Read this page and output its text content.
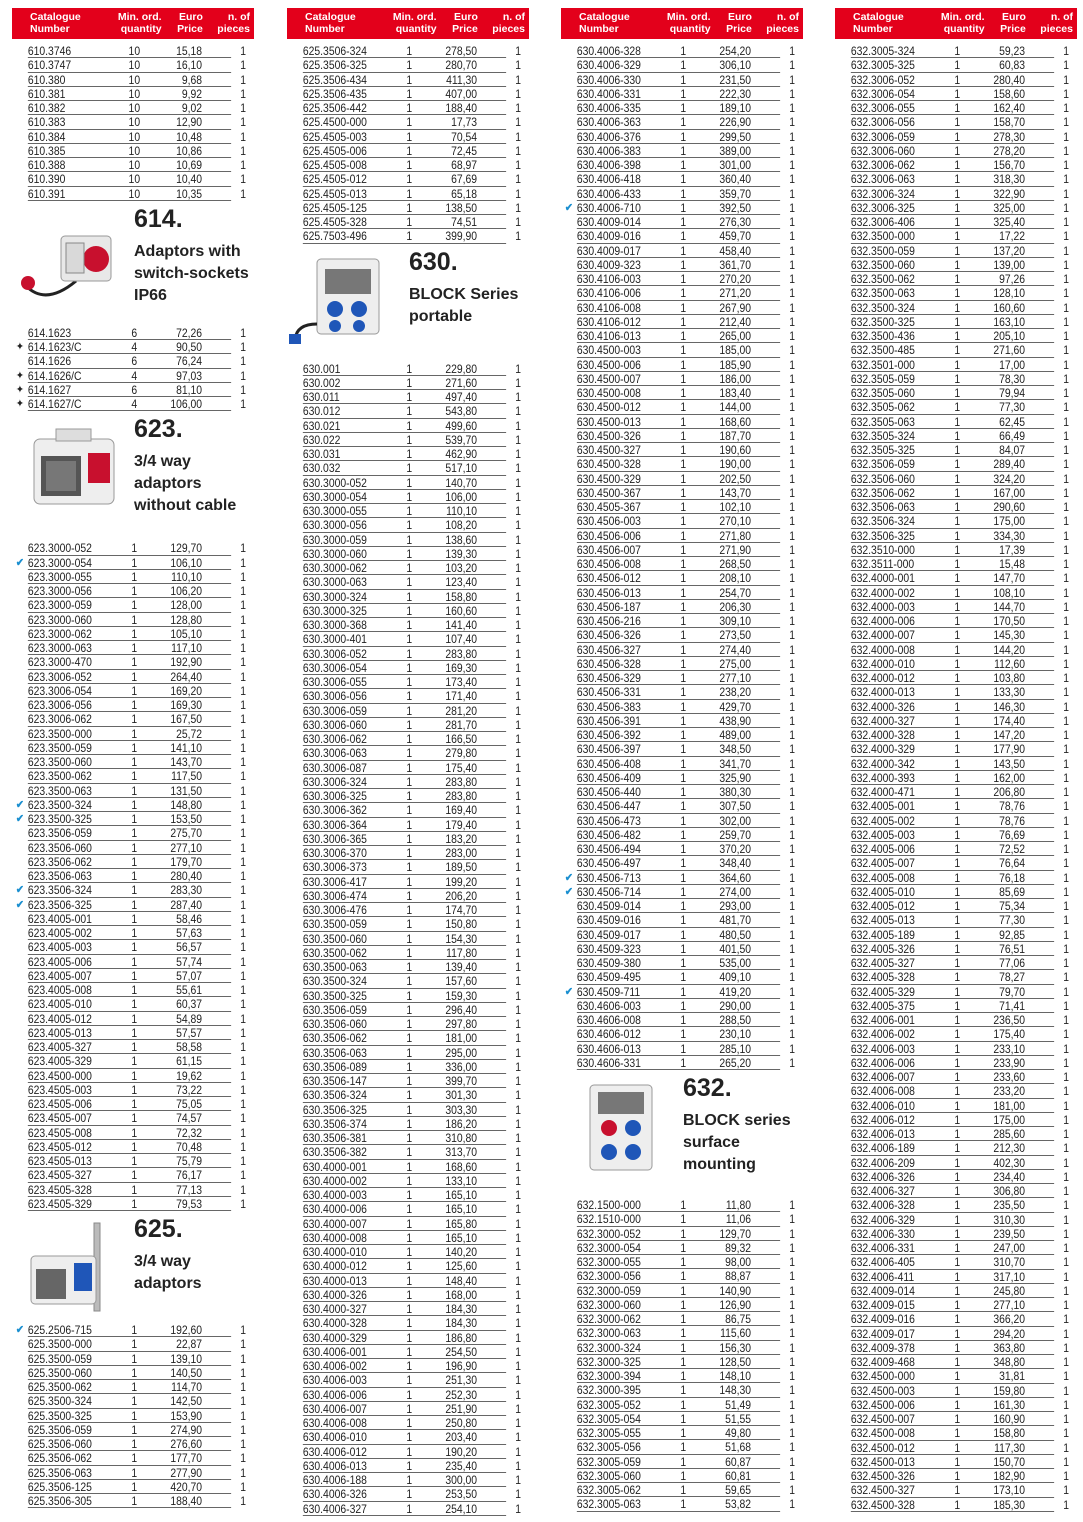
Catalogue
Number
Min. ord.
quantity
Euro
Price
n. of
pieces
610.3746	10	15,18	1
610.3747	10	16,10	1
610.380	10	9,68	1
610.381	10	9,92	1
610.382	10	9,02	1
610.383	10	12,90	1
610.384	10	10,48	1
610.385	10	10,86	1
610.388	10	10,69	1
610.390	10	10,40	1
610.391	10	10,35	1
614.
Adaptors with
switch-sockets
IP66
614.1623	6	72,26	1
✦ 614.1623/C	4	90,50	1
614.1626	6	76,24	1
✦ 614.1626/C	4	97,03	1
✦ 614.1627	6	81,10	1
✦ 614.1627/C	4	106,00	1
623.
3/4 way
adaptors
without cable
623.3000-052	1	129,70	1
✔ 623.3000-054	1	106,10	1
623.3000-055	1	110,10	1
623.3000-056	1	106,20	1
623.3000-059	1	128,00	1
623.3000-060	1	128,80	1
623.3000-062	1	105,10	1
623.3000-063	1	117,10	1
623.3000-470	1	192,90	1
623.3006-052	1	264,40	1
623.3006-054	1	169,20	1
623.3006-056	1	169,30	1
623.3006-062	1	167,50	1
623.3500-000	1	25,72	1
623.3500-059	1	141,10	1
623.3500-060	1	143,70	1
623.3500-062	1	117,50	1
623.3500-063	1	131,50	1
✔ 623.3500-324	1	148,80	1
✔ 623.3500-325	1	153,50	1
623.3506-059	1	275,70	1
623.3506-060	1	277,10	1
623.3506-062	1	179,70	1
623.3506-063	1	280,40	1
✔ 623.3506-324	1	283,30	1
✔ 623.3506-325	1	287,40	1
623.4005-001	1	58,46	1
623.4005-002	1	57,63	1
623.4005-003	1	56,57	1
623.4005-006	1	57,74	1
623.4005-007	1	57,07	1
623.4005-008	1	55,61	1
623.4005-010	1	60,37	1
623.4005-012	1	54,89	1
623.4005-013	1	57,57	1
623.4005-327	1	58,58	1
623.4005-329	1	61,15	1
623.4500-000	1	19,62	1
623.4505-003	1	73,22	1
623.4505-006	1	75,05	1
623.4505-007	1	74,57	1
623.4505-008	1	72,32	1
623.4505-012	1	70,48	1
623.4505-013	1	75,79	1
623.4505-327	1	76,17	1
623.4505-328	1	77,13	1
623.4505-329	1	79,53	1
625.
3/4 way
adaptors
✔ 625.2506-715	1	192,60	1
625.3500-000	1	22,87	1
625.3500-059	1	139,10	1
625.3500-060	1	140,50	1
625.3500-062	1	114,70	1
625.3500-324	1	142,50	1
625.3500-325	1	153,90	1
625.3506-059	1	274,90	1
625.3506-060	1	276,60	1
625.3506-062	1	177,70	1
625.3506-063	1	277,90	1
625.3506-125	1	420,70	1
625.3506-305	1	188,40	1
Catalogue
Number
Min. ord.
quantity
Euro
Price
n. of
pieces
625.3506-324	1	278,50	1
625.3506-325	1	280,70	1
625.3506-434	1	411,30	1
625.3506-435	1	407,00	1
625.3506-442	1	188,40	1
625.4500-000	1	17,73	1
625.4505-003	1	70,54	1
625.4505-006	1	72,45	1
625.4505-008	1	68,97	1
625.4505-012	1	67,69	1
625.4505-013	1	65,18	1
625.4505-125	1	138,50	1
625.4505-328	1	74,51	1
625.7503-496	1	399,90	1
630.
BLOCK Series
portable
630.001	1	229,80	1
630.002	1	271,60	1
630.011	1	497,40	1
630.012	1	543,80	1
630.021	1	499,60	1
630.022	1	539,70	1
630.031	1	462,90	1
630.032	1	517,10	1
630.3000-052	1	140,70	1
630.3000-054	1	106,00	1
630.3000-055	1	110,10	1
630.3000-056	1	108,20	1
630.3000-059	1	138,60	1
630.3000-060	1	139,30	1
630.3000-062	1	103,20	1
630.3000-063	1	123,40	1
630.3000-324	1	158,80	1
630.3000-325	1	160,60	1
630.3000-368	1	141,40	1
630.3000-401	1	107,40	1
630.3006-052	1	283,80	1
630.3006-054	1	169,30	1
630.3006-055	1	173,40	1
630.3006-056	1	171,40	1
630.3006-059	1	281,20	1
630.3006-060	1	281,70	1
630.3006-062	1	166,50	1
630.3006-063	1	279,80	1
630.3006-087	1	175,40	1
630.3006-324	1	283,80	1
630.3006-325	1	283,80	1
630.3006-362	1	169,40	1
630.3006-364	1	179,40	1
630.3006-365	1	183,20	1
630.3006-370	1	283,00	1
630.3006-373	1	189,50	1
630.3006-417	1	199,20	1
630.3006-474	1	206,20	1
630.3006-476	1	174,70	1
630.3500-059	1	150,80	1
630.3500-060	1	154,30	1
630.3500-062	1	117,80	1
630.3500-063	1	139,40	1
630.3500-324	1	157,60	1
630.3500-325	1	159,30	1
630.3506-059	1	296,40	1
630.3506-060	1	297,80	1
630.3506-062	1	181,00	1
630.3506-063	1	295,00	1
630.3506-089	1	336,00	1
630.3506-147	1	399,70	1
630.3506-324	1	301,30	1
630.3506-325	1	303,30	1
630.3506-374	1	186,20	1
630.3506-381	1	310,80	1
630.3506-382	1	313,70	1
630.4000-001	1	168,60	1
630.4000-002	1	133,10	1
630.4000-003	1	165,10	1
630.4000-006	1	165,10	1
630.4000-007	1	165,80	1
630.4000-008	1	165,10	1
630.4000-010	1	140,20	1
630.4000-012	1	125,60	1
630.4000-013	1	148,40	1
630.4000-326	1	168,00	1
630.4000-327	1	184,30	1
630.4000-328	1	184,30	1
630.4000-329	1	186,80	1
630.4006-001	1	254,50	1
630.4006-002	1	196,90	1
630.4006-003	1	251,30	1
630.4006-006	1	252,30	1
630.4006-007	1	251,90	1
630.4006-008	1	250,80	1
630.4006-010	1	203,40	1
630.4006-012	1	190,20	1
630.4006-013	1	235,40	1
630.4006-188	1	300,00	1
630.4006-326	1	253,50	1
630.4006-327	1	254,10	1
Catalogue
Number
Min. ord.
quantity
Euro
Price
n. of
pieces
630.4006-328	1	254,20	1
630.4006-329	1	306,10	1
630.4006-330	1	231,50	1
630.4006-331	1	222,30	1
630.4006-335	1	189,10	1
630.4006-363	1	226,90	1
630.4006-376	1	299,50	1
630.4006-383	1	389,00	1
630.4006-398	1	301,00	1
630.4006-418	1	360,40	1
630.4006-433	1	359,70	1
✔ 630.4006-710	1	392,50	1
630.4009-014	1	276,30	1
630.4009-016	1	459,70	1
630.4009-017	1	458,40	1
630.4009-323	1	361,70	1
630.4106-003	1	270,20	1
630.4106-006	1	271,20	1
630.4106-008	1	267,90	1
630.4106-012	1	212,40	1
630.4106-013	1	265,00	1
630.4500-003	1	185,00	1
630.4500-006	1	185,90	1
630.4500-007	1	186,00	1
630.4500-008	1	183,40	1
630.4500-012	1	144,00	1
630.4500-013	1	168,60	1
630.4500-326	1	187,70	1
630.4500-327	1	190,60	1
630.4500-328	1	190,00	1
630.4500-329	1	202,50	1
630.4500-367	1	143,70	1
630.4505-367	1	102,10	1
630.4506-003	1	270,10	1
630.4506-006	1	271,80	1
630.4506-007	1	271,90	1
630.4506-008	1	268,50	1
630.4506-012	1	208,10	1
630.4506-013	1	254,70	1
630.4506-187	1	206,30	1
630.4506-216	1	309,10	1
630.4506-326	1	273,50	1
630.4506-327	1	274,40	1
630.4506-328	1	275,00	1
630.4506-329	1	277,10	1
630.4506-331	1	238,20	1
630.4506-383	1	429,70	1
630.4506-391	1	438,90	1
630.4506-392	1	489,00	1
630.4506-397	1	348,50	1
630.4506-408	1	341,70	1
630.4506-409	1	325,90	1
630.4506-440	1	380,30	1
630.4506-447	1	307,50	1
630.4506-473	1	302,00	1
630.4506-482	1	259,70	1
630.4506-494	1	370,20	1
630.4506-497	1	348,40	1
✔ 630.4506-713	1	364,60	1
✔ 630.4506-714	1	274,00	1
630.4509-014	1	293,00	1
630.4509-016	1	481,70	1
630.4509-017	1	480,50	1
630.4509-323	1	401,50	1
630.4509-380	1	535,00	1
630.4509-495	1	409,10	1
✔ 630.4509-711	1	419,20	1
630.4606-003	1	290,00	1
630.4606-008	1	288,50	1
630.4606-012	1	230,10	1
630.4606-013	1	285,10	1
630.4606-331	1	265,20	1
632.
BLOCK series
surface
mounting
632.1500-000	1	11,80	1
632.1510-000	1	11,06	1
632.3000-052	1	129,70	1
632.3000-054	1	89,32	1
632.3000-055	1	98,00	1
632.3000-056	1	88,87	1
632.3000-059	1	140,90	1
632.3000-060	1	126,90	1
632.3000-062	1	86,75	1
632.3000-063	1	115,60	1
632.3000-324	1	156,30	1
632.3000-325	1	128,50	1
632.3000-394	1	148,10	1
632.3000-395	1	148,30	1
632.3005-052	1	51,49	1
632.3005-054	1	51,55	1
632.3005-055	1	49,80	1
632.3005-056	1	51,68	1
632.3005-059	1	60,87	1
632.3005-060	1	60,81	1
632.3005-062	1	59,65	1
632.3005-063	1	53,82	1
Catalogue
Number
Min. ord.
quantity
Euro
Price
n. of
pieces
632.3005-324	1	59,23	1
632.3005-325	1	60,83	1
632.3006-052	1	280,40	1
632.3006-054	1	158,60	1
632.3006-055	1	162,40	1
632.3006-056	1	158,70	1
632.3006-059	1	278,30	1
632.3006-060	1	278,20	1
632.3006-062	1	156,70	1
632.3006-063	1	318,30	1
632.3006-324	1	322,90	1
632.3006-325	1	325,00	1
632.3006-406	1	325,40	1
632.3500-000	1	17,22	1
632.3500-059	1	137,20	1
632.3500-060	1	139,00	1
632.3500-062	1	97,26	1
632.3500-063	1	128,10	1
632.3500-324	1	160,60	1
632.3500-325	1	163,10	1
632.3500-436	1	205,10	1
632.3500-485	1	271,60	1
632.3501-000	1	17,00	1
632.3505-059	1	78,30	1
632.3505-060	1	79,94	1
632.3505-062	1	77,30	1
632.3505-063	1	62,45	1
632.3505-324	1	66,49	1
632.3505-325	1	84,07	1
632.3506-059	1	289,40	1
632.3506-060	1	324,20	1
632.3506-062	1	167,00	1
632.3506-063	1	290,60	1
632.3506-324	1	175,00	1
632.3506-325	1	334,30	1
632.3510-000	1	17,39	1
632.3511-000	1	15,48	1
632.4000-001	1	147,70	1
632.4000-002	1	108,10	1
632.4000-003	1	144,70	1
632.4000-006	1	170,50	1
632.4000-007	1	145,30	1
632.4000-008	1	144,20	1
632.4000-010	1	112,60	1
632.4000-012	1	103,80	1
632.4000-013	1	133,30	1
632.4000-326	1	146,30	1
632.4000-327	1	174,40	1
632.4000-328	1	147,20	1
632.4000-329	1	177,90	1
632.4000-342	1	143,50	1
632.4000-393	1	162,00	1
632.4000-471	1	206,80	1
632.4005-001	1	78,76	1
632.4005-002	1	78,76	1
632.4005-003	1	76,69	1
632.4005-006	1	72,52	1
632.4005-007	1	76,64	1
632.4005-008	1	76,18	1
632.4005-010	1	85,69	1
632.4005-012	1	75,34	1
632.4005-013	1	77,30	1
632.4005-189	1	92,85	1
632.4005-326	1	76,51	1
632.4005-327	1	77,06	1
632.4005-328	1	78,27	1
632.4005-329	1	79,70	1
632.4005-375	1	71,41	1
632.4006-001	1	236,50	1
632.4006-002	1	175,40	1
632.4006-003	1	233,10	1
632.4006-006	1	233,90	1
632.4006-007	1	233,60	1
632.4006-008	1	233,20	1
632.4006-010	1	181,00	1
632.4006-012	1	175,00	1
632.4006-013	1	285,60	1
632.4006-189	1	212,30	1
632.4006-209	1	402,30	1
632.4006-326	1	234,40	1
632.4006-327	1	306,80	1
632.4006-328	1	235,50	1
632.4006-329	1	310,30	1
632.4006-330	1	239,50	1
632.4006-331	1	247,00	1
632.4006-405	1	310,70	1
632.4006-411	1	317,10	1
632.4009-014	1	245,80	1
632.4009-015	1	277,10	1
632.4009-016	1	366,20	1
632.4009-017	1	294,20	1
632.4009-378	1	363,80	1
632.4009-468	1	348,80	1
632.4500-000	1	31,81	1
632.4500-003	1	159,80	1
632.4500-006	1	161,30	1
632.4500-007	1	160,90	1
632.4500-008	1	158,80	1
632.4500-012	1	117,30	1
632.4500-013	1	150,70	1
632.4500-326	1	182,90	1
632.4500-327	1	173,10	1
632.4500-328	1	185,30	1
